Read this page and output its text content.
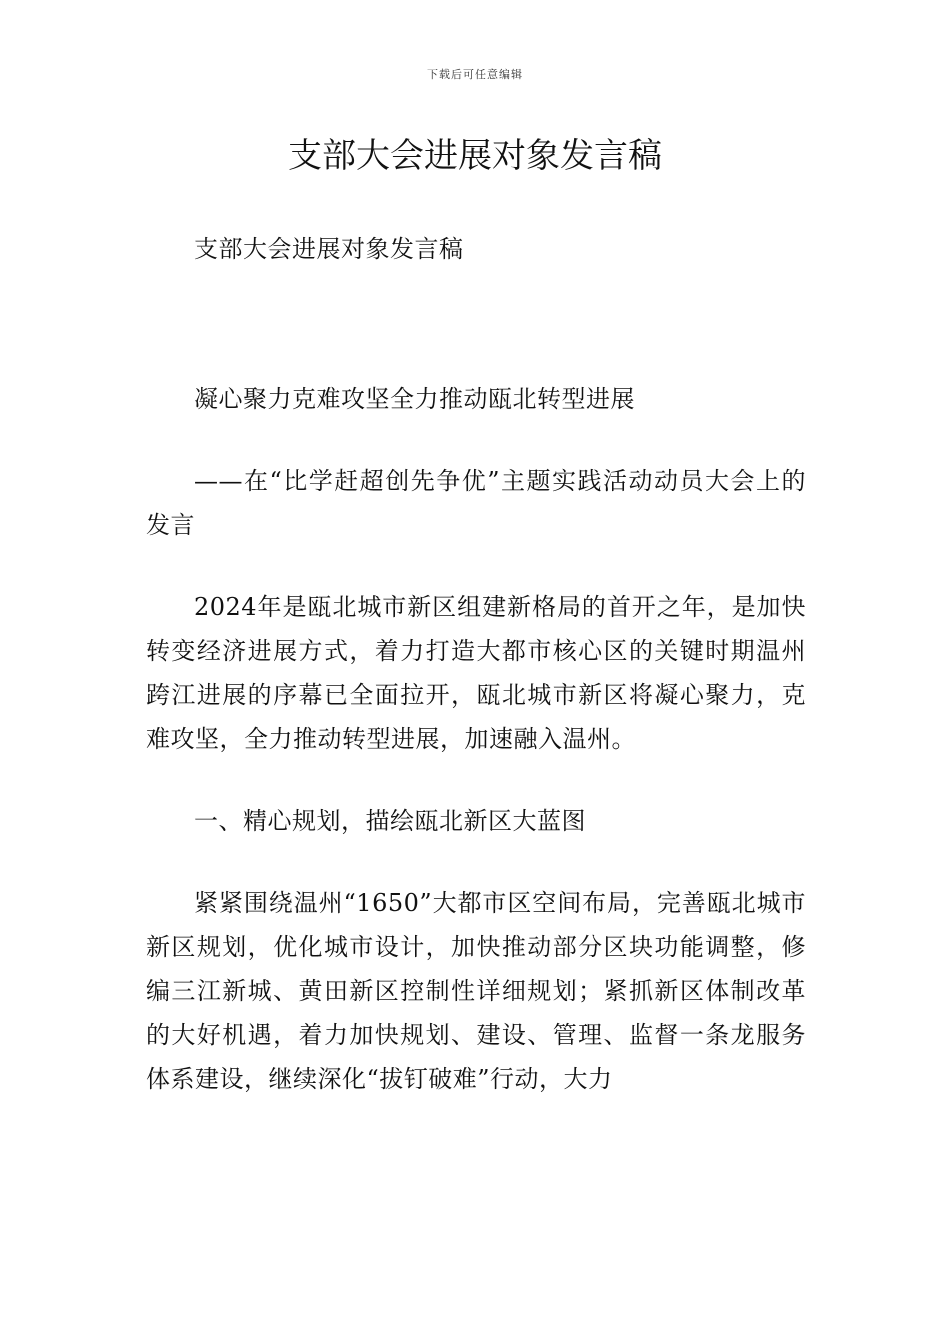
下载后可任意编辑
支部大会进展对象发言稿

支部大会进展对象发言稿

凝心聚力克难攻坚全力推动瓯北转型进展

——在“比学赶超创先争优”主题实践活动动员大会上的发言

2024年是瓯北城市新区组建新格局的首开之年，是加快转变经济进展方式，着力打造大都市核心区的关键时期温州跨江进展的序幕已全面拉开，瓯北城市新区将凝心聚力，克难攻坚，全力推动转型进展，加速融入温州。

一、精心规划，描绘瓯北新区大蓝图

紧紧围绕温州“1650”大都市区空间布局，完善瓯北城市新区规划，优化城市设计，加快推动部分区块功能调整，修编三江新城、黄田新区控制性详细规划；紧抓新区体制改革的大好机遇，着力加快规划、建设、管理、监督一条龙服务体系建设，继续深化“拔钉破难”行动，大力
